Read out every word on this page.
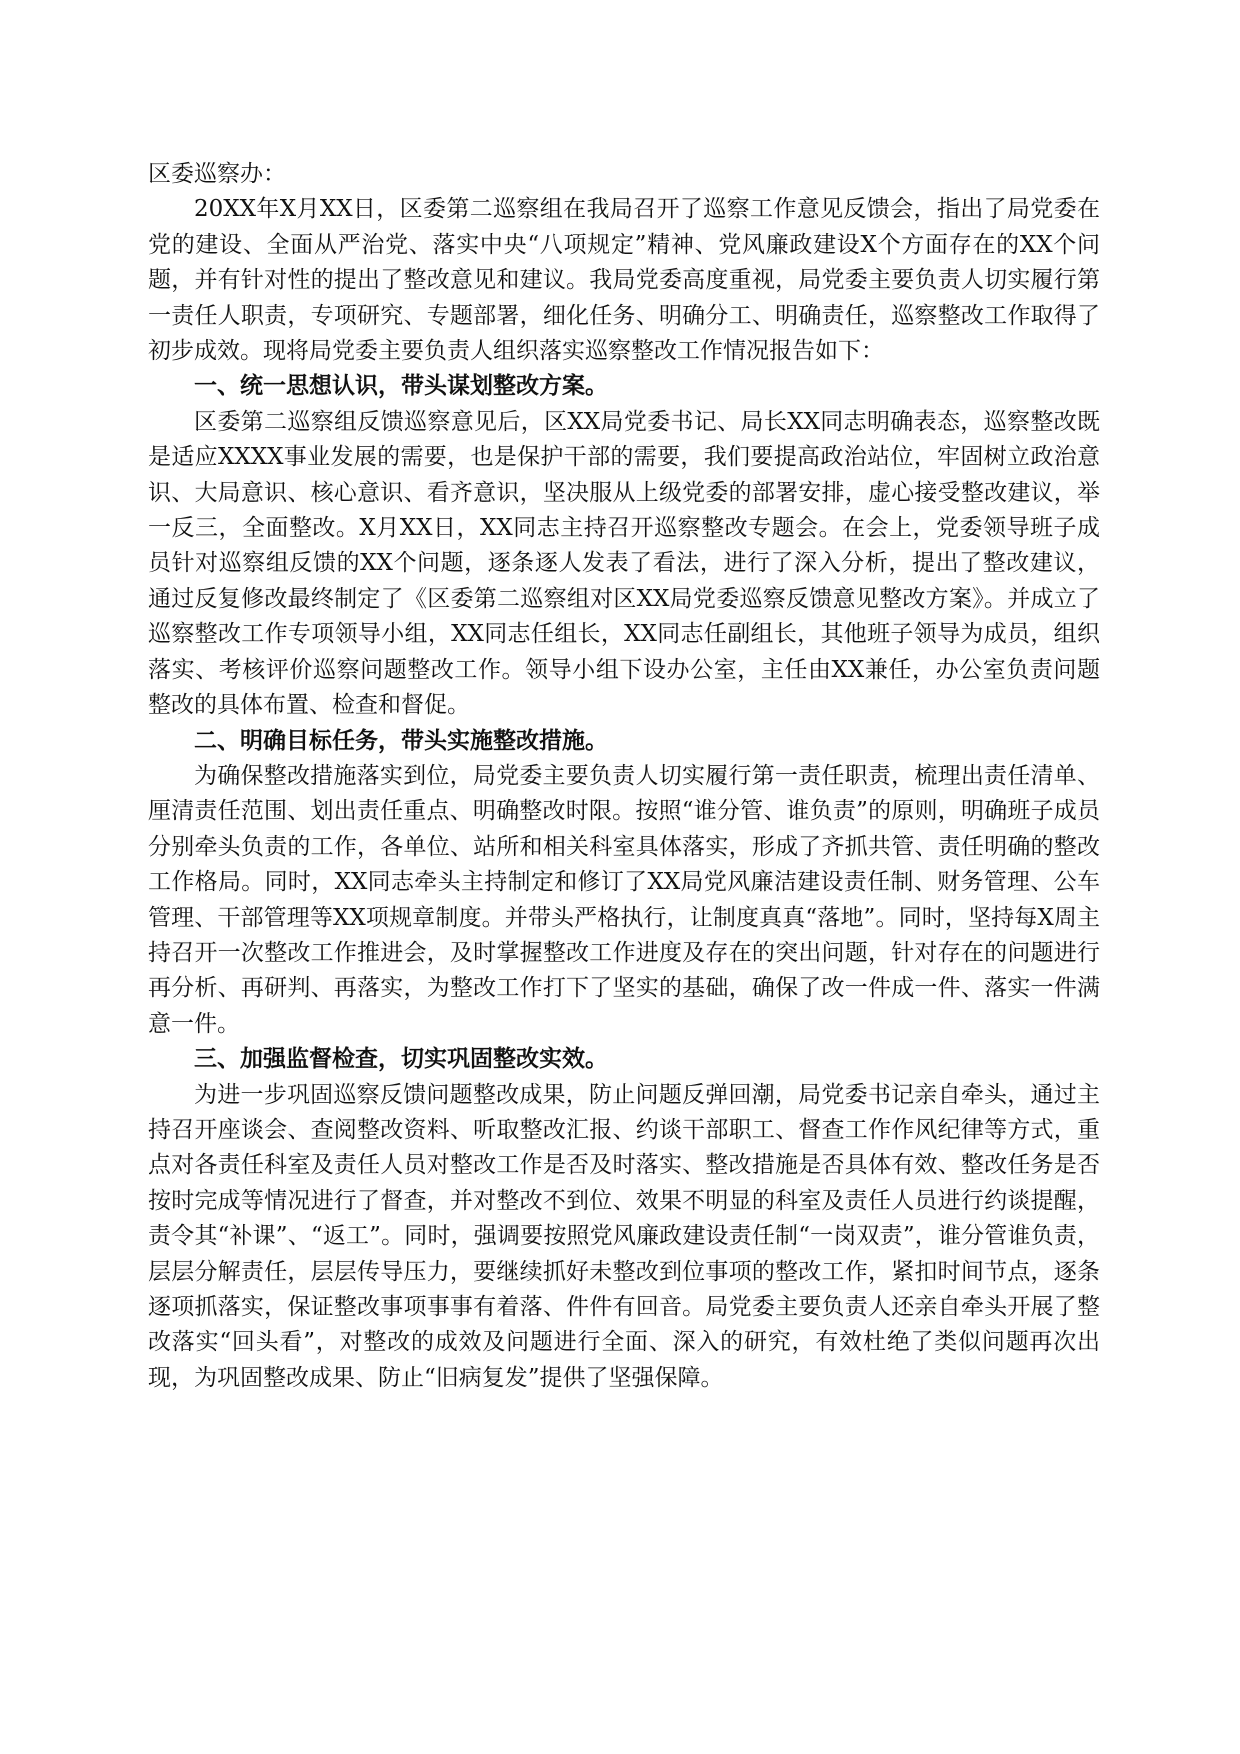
区委巡察办：

20XX年X月XX日，区委第二巡察组在我局召开了巡察工作意见反馈会，指出了局党委在党的建设、全面从严治党、落实中央“八项规定”精神、党风廉政建设X个方面存在的XX个问题，并有针对性的提出了整改意见和建议。我局党委高度重视，局党委主要负责人切实履行第一责任人职责，专项研究、专题部署，细化任务、明确分工、明确责任，巡察整改工作取得了初步成效。现将局党委主要负责人组织落实巡察整改工作情况报告如下：

一、统一思想认识，带头谋划整改方案。

区委第二巡察组反馈巡察意见后，区XX局党委书记、局长XX同志明确表态，巡察整改既是适应XXXX事业发展的需要，也是保护干部的需要，我们要提高政治站位，牢固树立政治意识、大局意识、核心意识、看齐意识，坚决服从上级党委的部署安排，虚心接受整改建议，举一反三，全面整改。X月XX日，XX同志主持召开巡察整改专题会。在会上，党委领导班子成员针对巡察组反馈的XX个问题，逐条逐人发表了看法，进行了深入分析，提出了整改建议，通过反复修改最终制定了《区委第二巡察组对区XX局党委巡察反馈意见整改方案》。并成立了巡察整改工作专项领导小组，XX同志任组长，XX同志任副组长，其他班子领导为成员，组织落实、考核评价巡察问题整改工作。领导小组下设办公室，主任由XX兼任，办公室负责问题整改的具体布置、检查和督促。

二、明确目标任务，带头实施整改措施。

为确保整改措施落实到位，局党委主要负责人切实履行第一责任职责，梳理出责任清单、厘清责任范围、划出责任重点、明确整改时限。按照“谁分管、谁负责”的原则，明确班子成员分别牵头负责的工作，各单位、站所和相关科室具体落实，形成了齐抓共管、责任明确的整改工作格局。同时，XX同志牵头主持制定和修订了XX局党风廉洁建设责任制、财务管理、公车管理、干部管理等XX项规章制度。并带头严格执行，让制度真真“落地”。同时，坚持每X周主持召开一次整改工作推进会，及时掌握整改工作进度及存在的突出问题，针对存在的问题进行再分析、再研判、再落实，为整改工作打下了坚实的基础，确保了改一件成一件、落实一件满意一件。

三、加强监督检查，切实巩固整改实效。

为进一步巩固巡察反馈问题整改成果，防止问题反弹回潮，局党委书记亲自牵头，通过主持召开座谈会、查阅整改资料、听取整改汇报、约谈干部职工、督查工作作风纪律等方式，重点对各责任科室及责任人员对整改工作是否及时落实、整改措施是否具体有效、整改任务是否按时完成等情况进行了督查，并对整改不到位、效果不明显的科室及责任人员进行约谈提醒，责令其“补课”、“返工”。同时，强调要按照党风廉政建设责任制“一岗双责”，谁分管谁负责，层层分解责任，层层传导压力，要继续抓好未整改到位事项的整改工作，紧扣时间节点，逐条逐项抓落实，保证整改事项事事有着落、件件有回音。局党委主要负责人还亲自牵头开展了整改落实“回头看”，对整改的成效及问题进行全面、深入的研究，有效杜绝了类似问题再次出现，为巩固整改成果、防止“旧病复发”提供了坚强保障。
